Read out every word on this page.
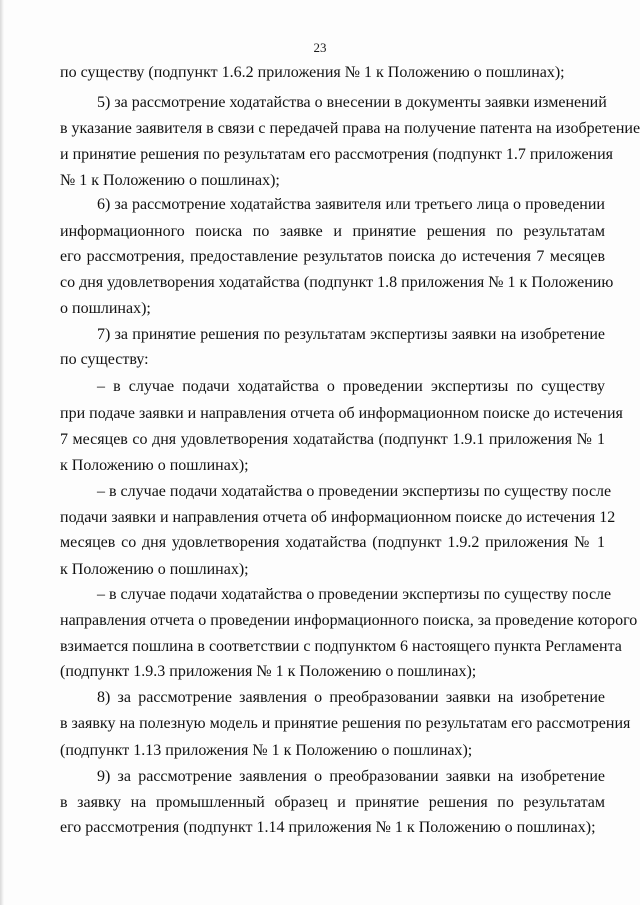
23
по существу (подпункт 1.6.2 приложения № 1 к Положению о пошлинах);
5) за рассмотрение ходатайства о внесении в документы заявки изменений
в указание заявителя в связи с передачей права на получение патента на изобретение
и принятие решения по результатам его рассмотрения (подпункт 1.7 приложения
№ 1 к Положению о пошлинах);
6) за рассмотрение ходатайства заявителя или третьего лица о проведении
информационного поиска по заявке и принятие решения по результатам
его рассмотрения, предоставление результатов поиска до истечения 7 месяцев
со дня удовлетворения ходатайства (подпункт 1.8 приложения № 1 к Положению
о пошлинах);
7) за принятие решения по результатам экспертизы заявки на изобретение
по существу:
– в случае подачи ходатайства о проведении экспертизы по существу
при подаче заявки и направления отчета об информационном поиске до истечения
7 месяцев со дня удовлетворения ходатайства (подпункт 1.9.1 приложения № 1
к Положению о пошлинах);
– в случае подачи ходатайства о проведении экспертизы по существу после
подачи заявки и направления отчета об информационном поиске до истечения 12
месяцев со дня удовлетворения ходатайства (подпункт 1.9.2 приложения № 1
к Положению о пошлинах);
– в случае подачи ходатайства о проведении экспертизы по существу после
направления отчета о проведении информационного поиска, за проведение которого
взимается пошлина в соответствии с подпунктом 6 настоящего пункта Регламента
(подпункт 1.9.3 приложения № 1 к Положению о пошлинах);
8) за рассмотрение заявления о преобразовании заявки на изобретение
в заявку на полезную модель и принятие решения по результатам его рассмотрения
(подпункт 1.13 приложения № 1 к Положению о пошлинах);
9) за рассмотрение заявления о преобразовании заявки на изобретение
в заявку на промышленный образец и принятие решения по результатам
его рассмотрения (подпункт 1.14 приложения № 1 к Положению о пошлинах);
